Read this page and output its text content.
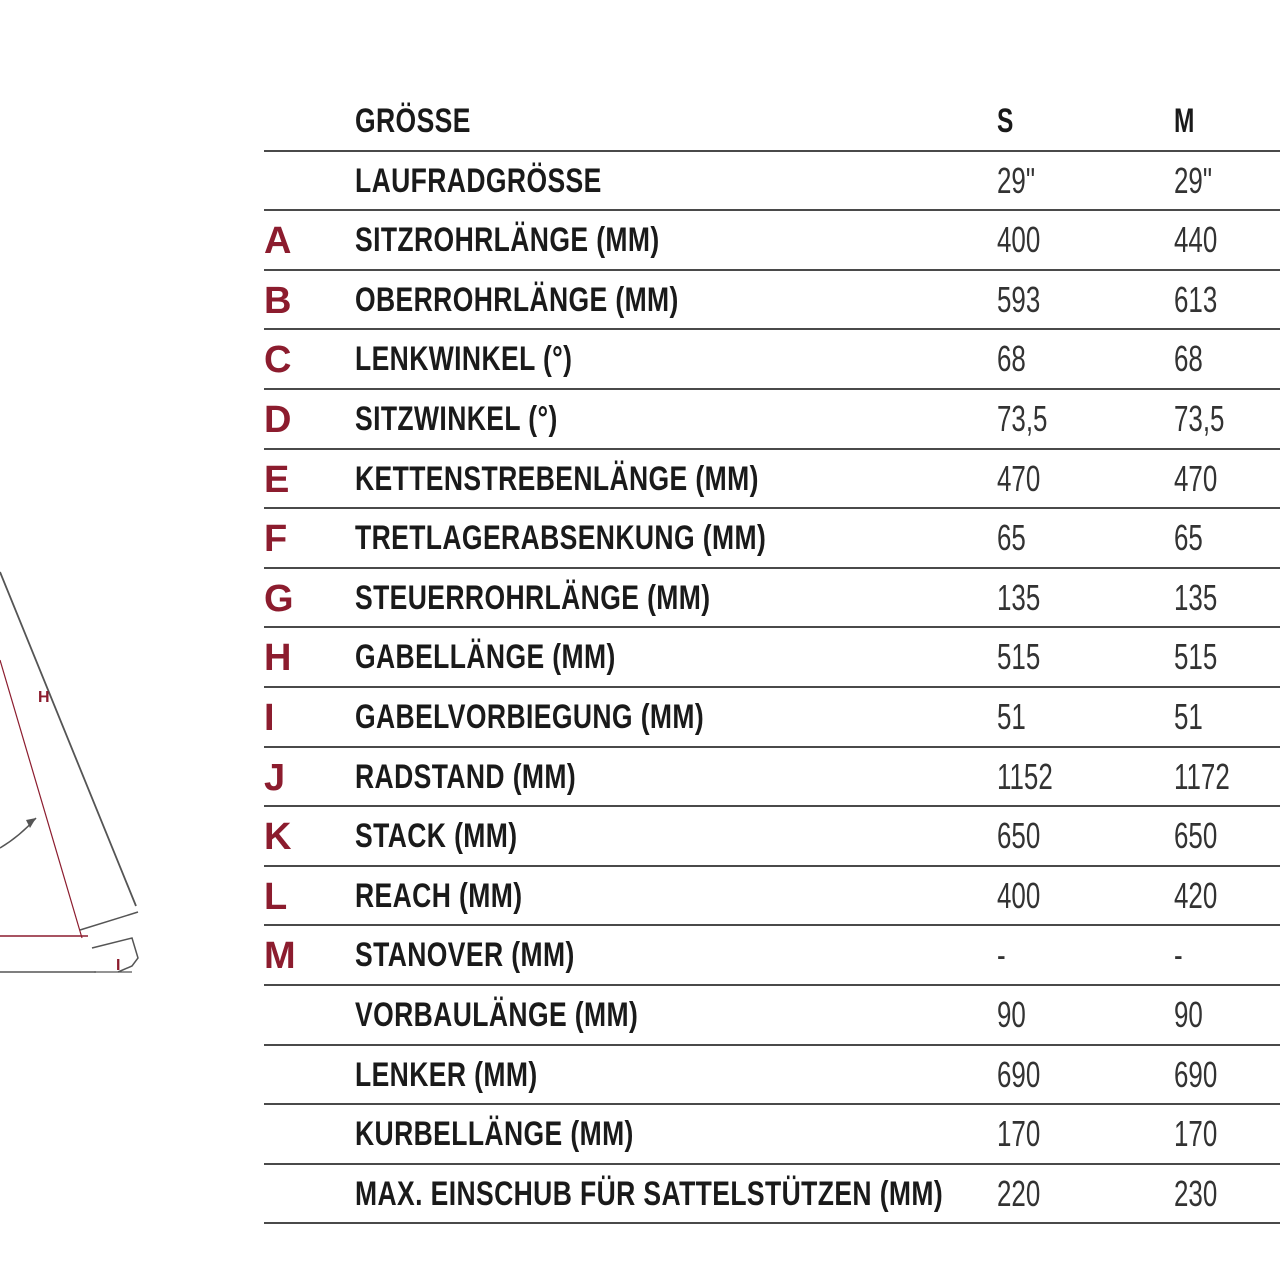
H
I
GRÖSSE	S	M
LAUFRADGRÖSSE	29ʺ	29ʺ
A	SITZROHRLÄNGE (MM)	400	440
B	OBERROHRLÄNGE (MM)	593	613
C	LENKWINKEL (°)	68	68
D	SITZWINKEL (°)	73,5	73,5
E	KETTENSTREBENLÄNGE (MM)	470	470
F	TRETLAGERABSENKUNG (MM)	65	65
G	STEUERROHRLÄNGE (MM)	135	135
H	GABELLÄNGE (MM)	515	515
I	GABELVORBIEGUNG (MM)	51	51
J	RADSTAND (MM)	1152	1172
K	STACK (MM)	650	650
L	REACH (MM)	400	420
M	STANOVER (MM)	-	-
VORBAULÄNGE (MM)	90	90
LENKER (MM)	690	690
KURBELLÄNGE (MM)	170	170
MAX. EINSCHUB FÜR SATTELSTÜTZEN (MM) 220	230
